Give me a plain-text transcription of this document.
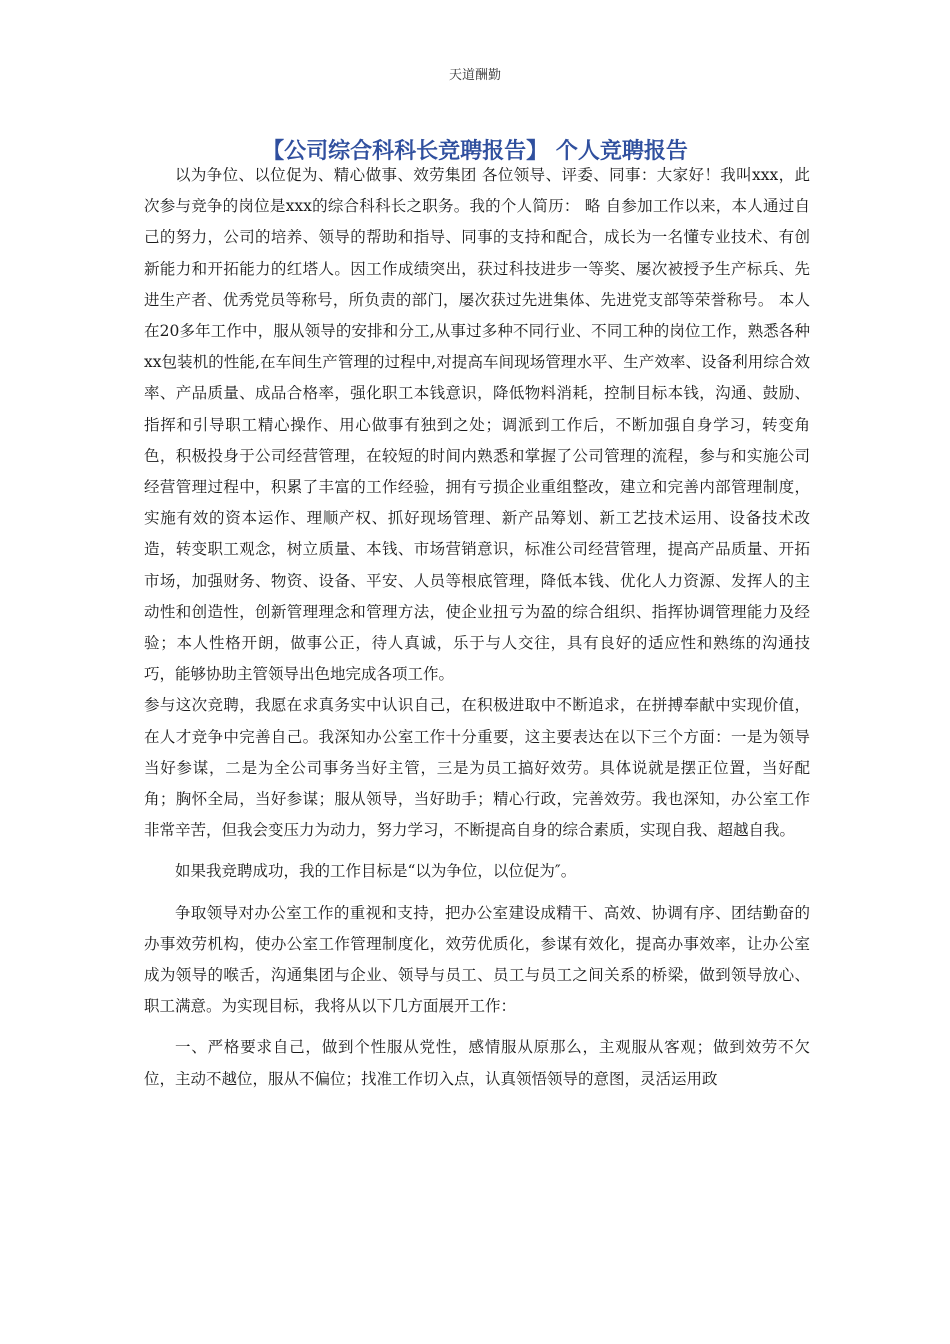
天道酬勤
【公司综合科科长竞聘报告】 个人竞聘报告

以为争位、以位促为、精心做事、效劳集团 各位领导、评委、同事：大家好！我叫xxx，此次参与竞争的岗位是xxx的综合科科长之职务。我的个人简历： 略 自参加工作以来，本人通过自己的努力，公司的培养、领导的帮助和指导、同事的支持和配合，成长为一名懂专业技术、有创新能力和开拓能力的红塔人。因工作成绩突出，获过科技进步一等奖、屡次被授予生产标兵、先进生产者、优秀党员等称号，所负责的部门，屡次获过先进集体、先进党支部等荣誉称号。 本人在20多年工作中，服从领导的安排和分工,从事过多种不同行业、不同工种的岗位工作，熟悉各种xx包装机的性能,在车间生产管理的过程中,对提高车间现场管理水平、生产效率、设备利用综合效率、产品质量、成品合格率，强化职工本钱意识，降低物料消耗，控制目标本钱，沟通、鼓励、指挥和引导职工精心操作、用心做事有独到之处；调派到工作后，不断加强自身学习，转变角色，积极投身于公司经营管理，在较短的时间内熟悉和掌握了公司管理的流程，参与和实施公司经营管理过程中，积累了丰富的工作经验，拥有亏损企业重组整改，建立和完善内部管理制度，实施有效的资本运作、理顺产权、抓好现场管理、新产品筹划、新工艺技术运用、设备技术改造，转变职工观念，树立质量、本钱、市场营销意识，标准公司经营管理，提高产品质量、开拓市场，加强财务、物资、设备、平安、人员等根底管理，降低本钱、优化人力资源、发挥人的主动性和创造性，创新管理理念和管理方法，使企业扭亏为盈的综合组织、指挥协调管理能力及经验；本人性格开朗，做事公正，待人真诚，乐于与人交往，具有良好的适应性和熟练的沟通技巧，能够协助主管领导出色地完成各项工作。

参与这次竞聘，我愿在求真务实中认识自己，在积极进取中不断追求，在拼搏奉献中实现价值，在人才竞争中完善自己。我深知办公室工作十分重要，这主要表达在以下三个方面：一是为领导当好参谋，二是为全公司事务当好主管，三是为员工搞好效劳。具体说就是摆正位置，当好配角；胸怀全局，当好参谋；服从领导，当好助手；精心行政，完善效劳。我也深知，办公室工作非常辛苦，但我会变压力为动力，努力学习，不断提高自身的综合素质，实现自我、超越自我。

如果我竞聘成功，我的工作目标是“以为争位，以位促为″。

争取领导对办公室工作的重视和支持，把办公室建设成精干、高效、协调有序、团结勤奋的办事效劳机构，使办公室工作管理制度化，效劳优质化，参谋有效化，提高办事效率，让办公室成为领导的喉舌，沟通集团与企业、领导与员工、员工与员工之间关系的桥梁，做到领导放心、职工满意。为实现目标，我将从以下几方面展开工作：

一、严格要求自己，做到个性服从党性，感情服从原那么，主观服从客观；做到效劳不欠位，主动不越位，服从不偏位；找准工作切入点，认真领悟领导的意图，灵活运用政
